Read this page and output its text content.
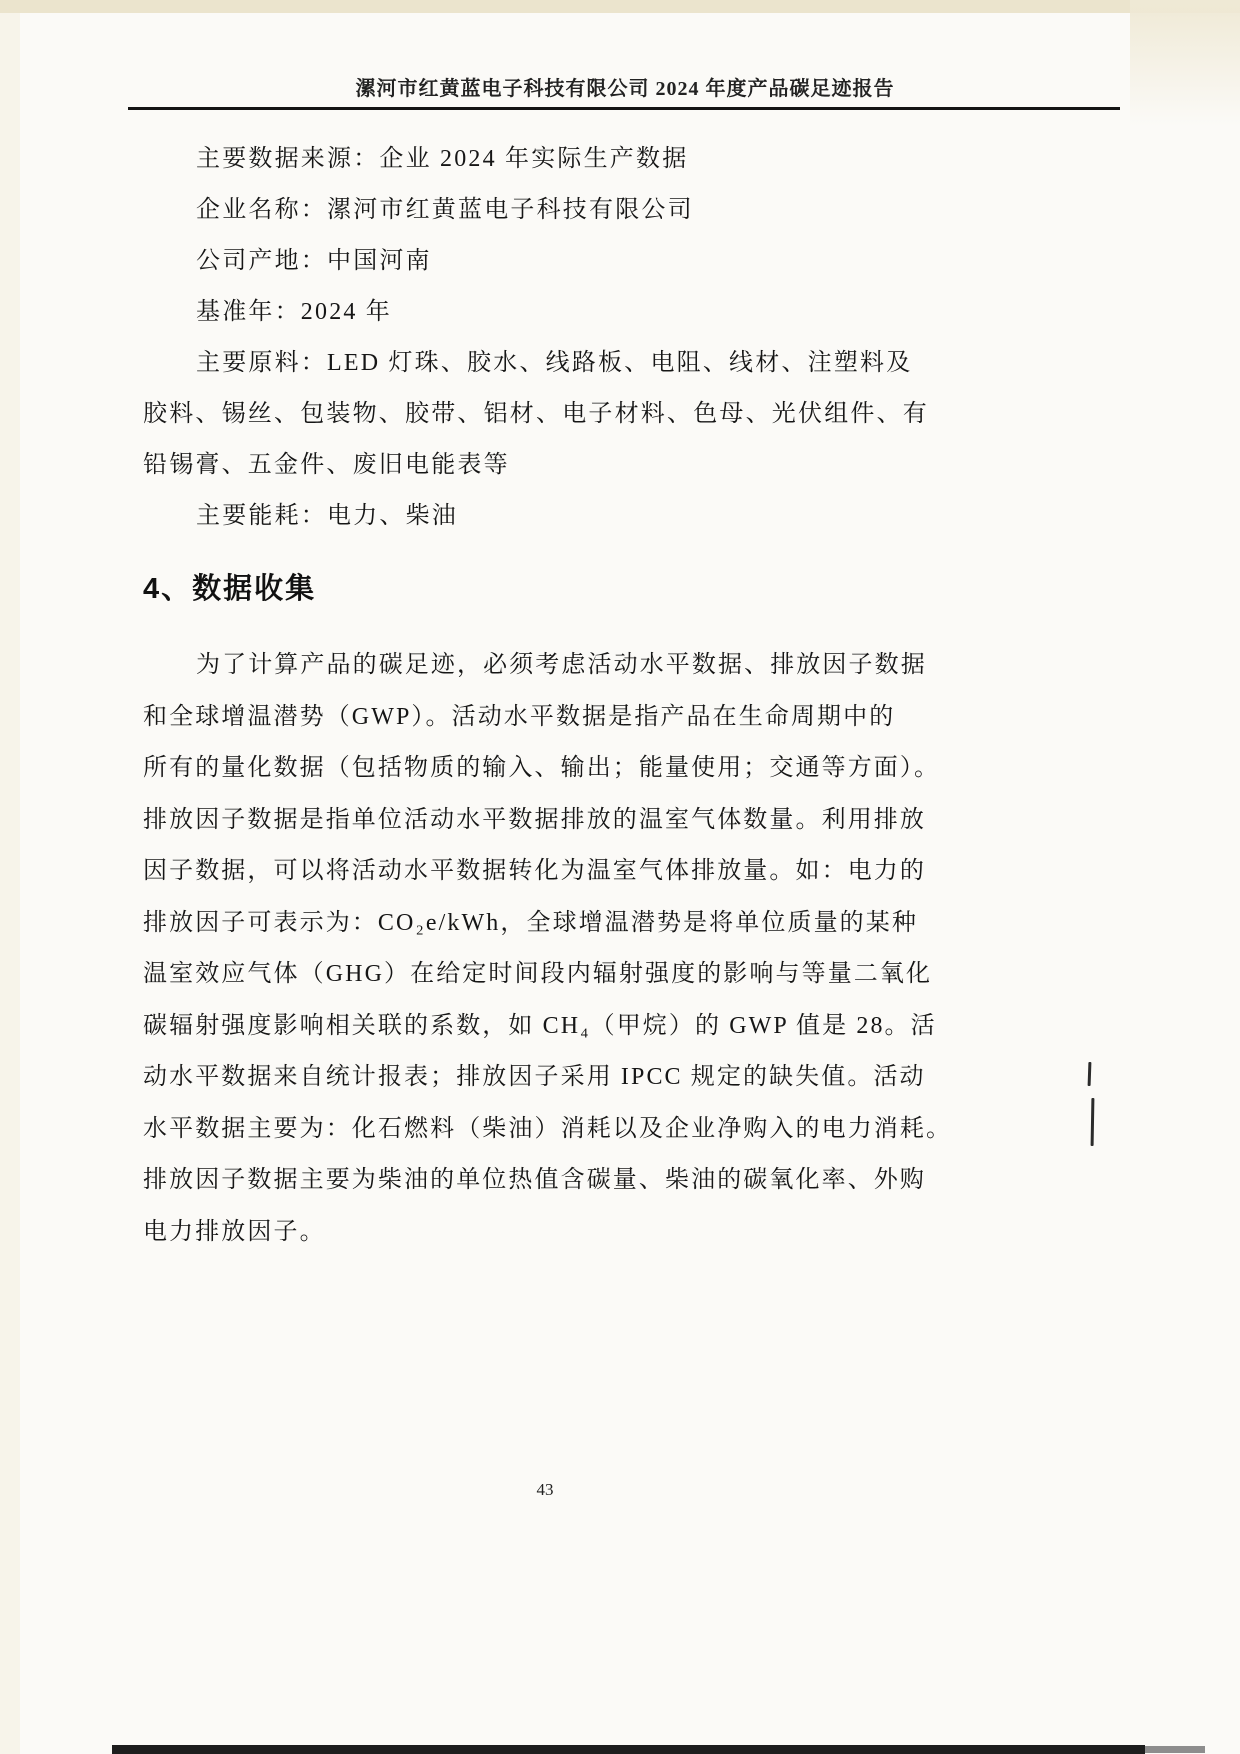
漯河市红黄蓝电子科技有限公司 2024 年度产品碳足迹报告
主要数据来源：企业 2024 年实际生产数据
企业名称：漯河市红黄蓝电子科技有限公司
公司产地：中国河南
基准年：2024 年
主要原料：LED 灯珠、胶水、线路板、电阻、线材、注塑料及
胶料、锡丝、包装物、胶带、铝材、电子材料、色母、光伏组件、有
铅锡膏、五金件、废旧电能表等
主要能耗：电力、柴油
4、数据收集
为了计算产品的碳足迹，必须考虑活动水平数据、排放因子数据
和全球增温潜势（GWP）。活动水平数据是指产品在生命周期中的
所有的量化数据（包括物质的输入、输出；能量使用；交通等方面）。
排放因子数据是指单位活动水平数据排放的温室气体数量。利用排放
因子数据，可以将活动水平数据转化为温室气体排放量。如：电力的
排放因子可表示为：CO₂e/kWh，全球增温潜势是将单位质量的某种
温室效应气体（GHG）在给定时间段内辐射强度的影响与等量二氧化
碳辐射强度影响相关联的系数，如 CH₄（甲烷）的 GWP 值是 28。活
动水平数据来自统计报表；排放因子采用 IPCC 规定的缺失值。活动
水平数据主要为：化石燃料（柴油）消耗以及企业净购入的电力消耗。
排放因子数据主要为柴油的单位热值含碳量、柴油的碳氧化率、外购
电力排放因子。
43
